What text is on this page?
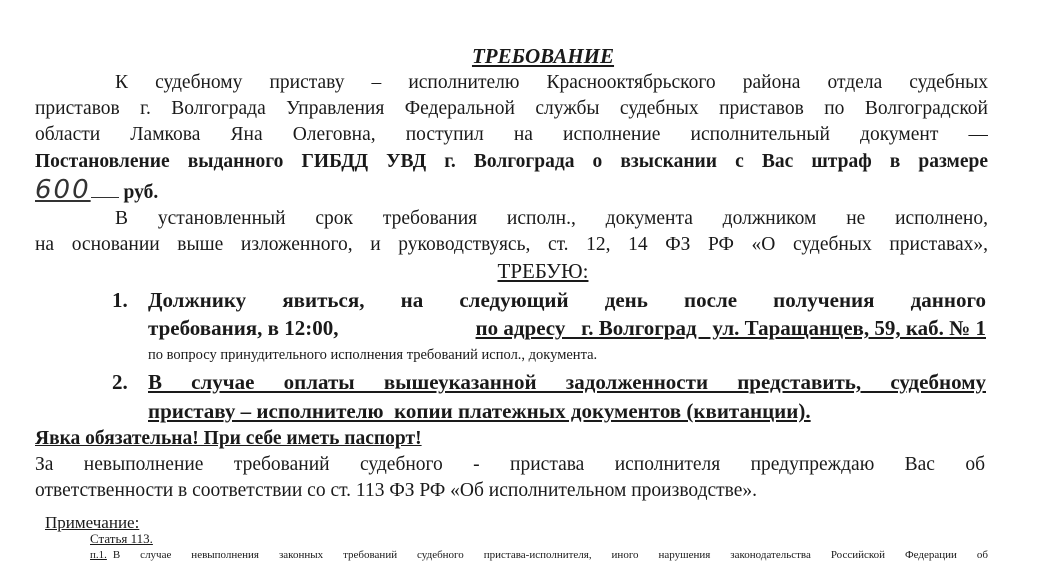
ТРЕБОВАНИЕ
К судебному приставу – исполнителю Краснооктябрьского района отдела судебных
приставов г. Волгограда Управления Федеральной службы судебных приставов по Волгоградской
области Ламкова Яна Олеговна, поступил на исполнение исполнительный документ —
Постановление выданного ГИБДД УВД г. Волгограда о взыскании с Вас штраф в размере
600 руб.
В установленный срок требования исполн., документа должником не исполнено,
на основании выше изложенного, и руководствуясь, ст. 12, 14 ФЗ РФ «О судебных приставах»,
ТРЕБУЮ:
1. Должнику явиться, на следующий день после получения данного
требования, в 12:00,	по адресу   г. Волгоград   ул. Таращанцев, 59, каб. № 1
по вопросу принудительного исполнения требований испол., документа.
2. В случае оплаты вышеуказанной задолженности представить, судебному
приставу – исполнителю  копии платежных документов (квитанции).
Явка обязательна! При себе иметь паспорт!
За невыполнение требований судебного - пристава исполнителя предупреждаю Вас об
ответственности в соответствии со ст. 113 ФЗ РФ «Об исполнительном производстве».
Примечание:
Статья 113.
п.1. В случае невыполнения законных требований судебного пристава-исполнителя, иного нарушения законодательства Российской Федерации об
